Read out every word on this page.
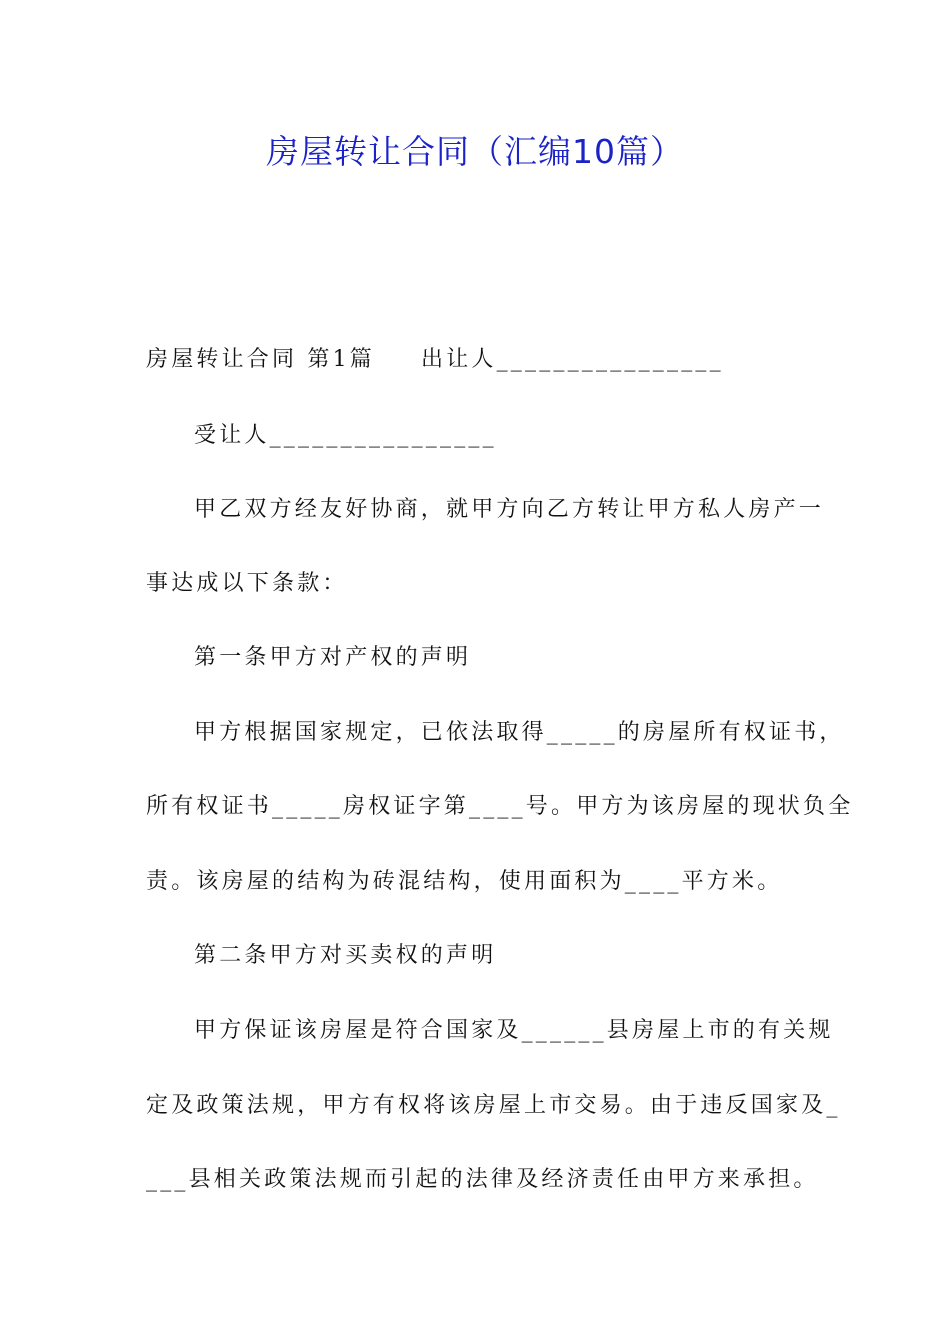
房屋转让合同（汇编10篇）
房屋转让合同 第1篇 出让人________________
受让人________________
甲乙双方经友好协商，就甲方向乙方转让甲方私人房产一
事达成以下条款：
第一条甲方对产权的声明
甲方根据国家规定，已依法取得_____的房屋所有权证书，
所有权证书_____房权证字第____号。甲方为该房屋的现状负全
责。该房屋的结构为砖混结构，使用面积为____平方米。
第二条甲方对买卖权的声明
甲方保证该房屋是符合国家及______县房屋上市的有关规
定及政策法规，甲方有权将该房屋上市交易。由于违反国家及_
___县相关政策法规而引起的法律及经济责任由甲方来承担。
